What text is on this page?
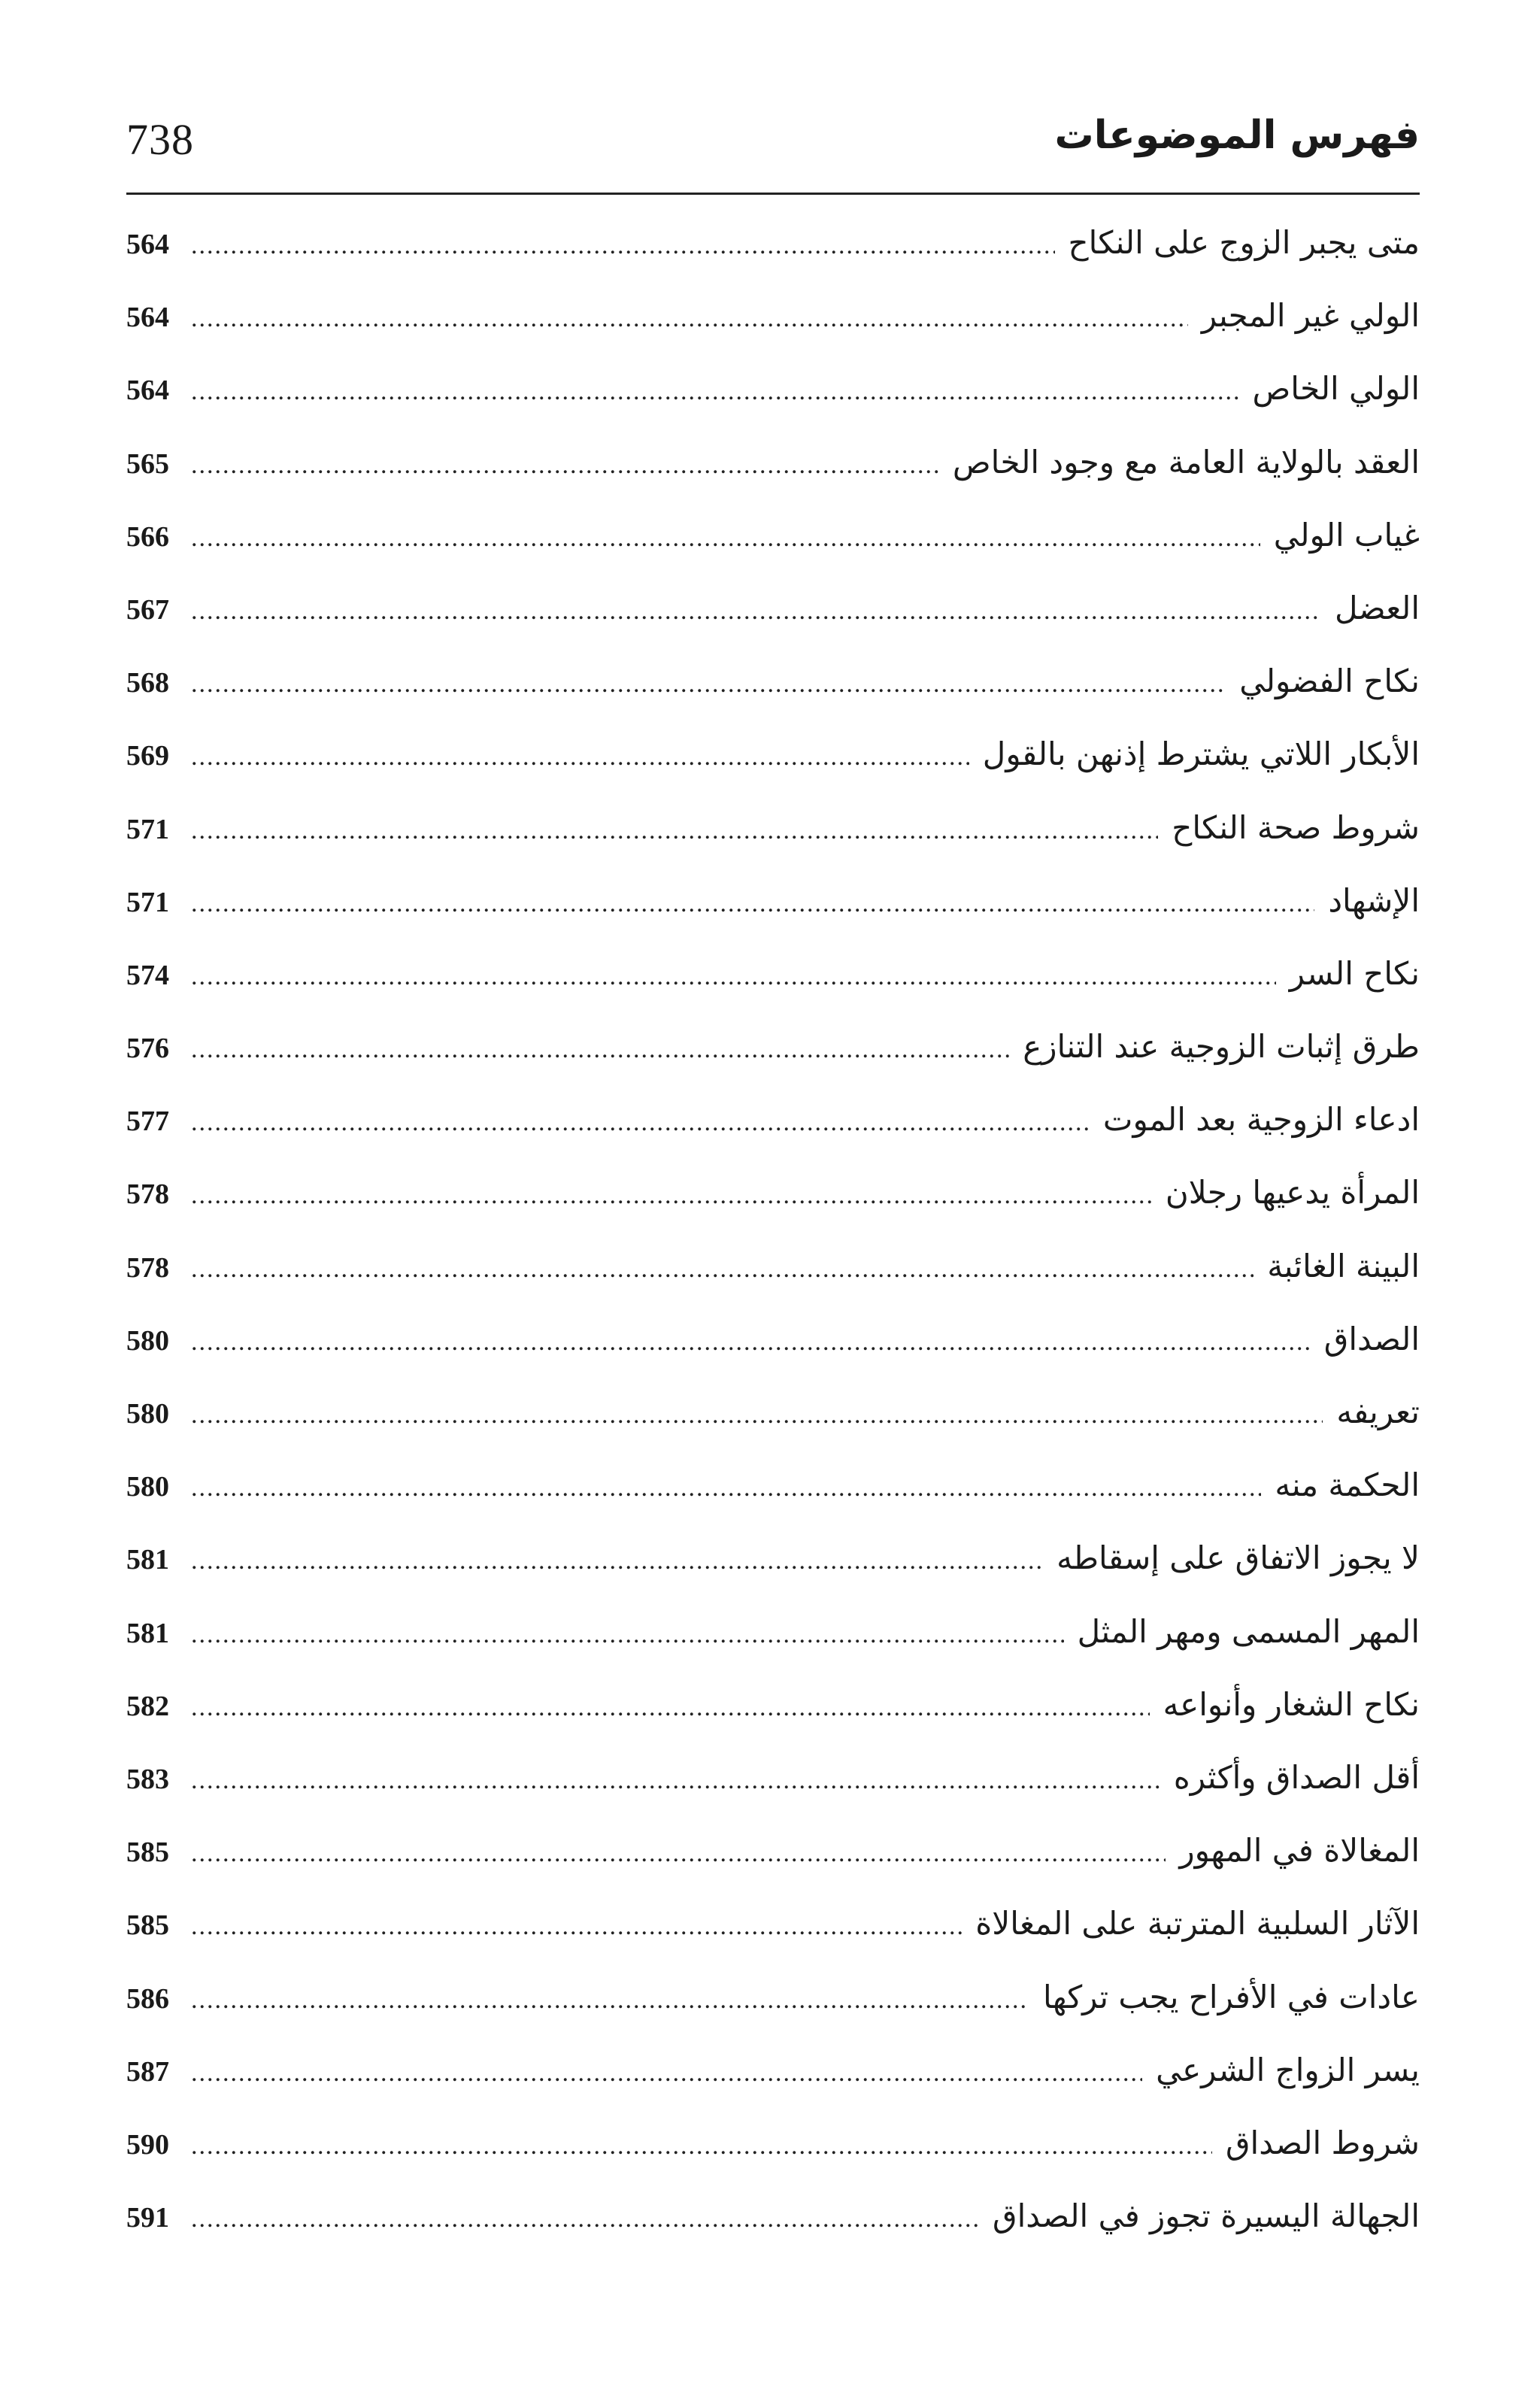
738	فهرس الموضوعات
متى يجبر الزوج على النكاح
.....
564
الولي غير المجبر
.....
564
الولي الخاص
.....
564
العقد بالولاية العامة مع وجود الخاص
.....
565
غياب الولي
.....
566
العضل
.....
567
نكاح الفضولي
.....
568
الأبكار اللاتي يشترط إذنهن بالقول
.....
569
شروط صحة النكاح
.....
571
الإشهاد
.....
571
نكاح السر
.....
574
طرق إثبات الزوجية عند التنازع
.....
576
ادعاء الزوجية بعد الموت
.....
577
المرأة يدعيها رجلان
.....
578
البينة الغائبة
.....
578
الصداق
.....
580
تعريفه
.....
580
الحكمة منه
.....
580
لا يجوز الاتفاق على إسقاطه
.....
581
المهر المسمى ومهر المثل
.....
581
نكاح الشغار وأنواعه
.....
582
أقل الصداق وأكثره
.....
583
المغالاة في المهور
.....
585
الآثار السلبية المترتبة على المغالاة
.....
585
عادات في الأفراح يجب تركها
.....
586
يسر الزواج الشرعي
.....
587
شروط الصداق
.....
590
الجهالة اليسيرة تجوز في الصداق
.....
591
